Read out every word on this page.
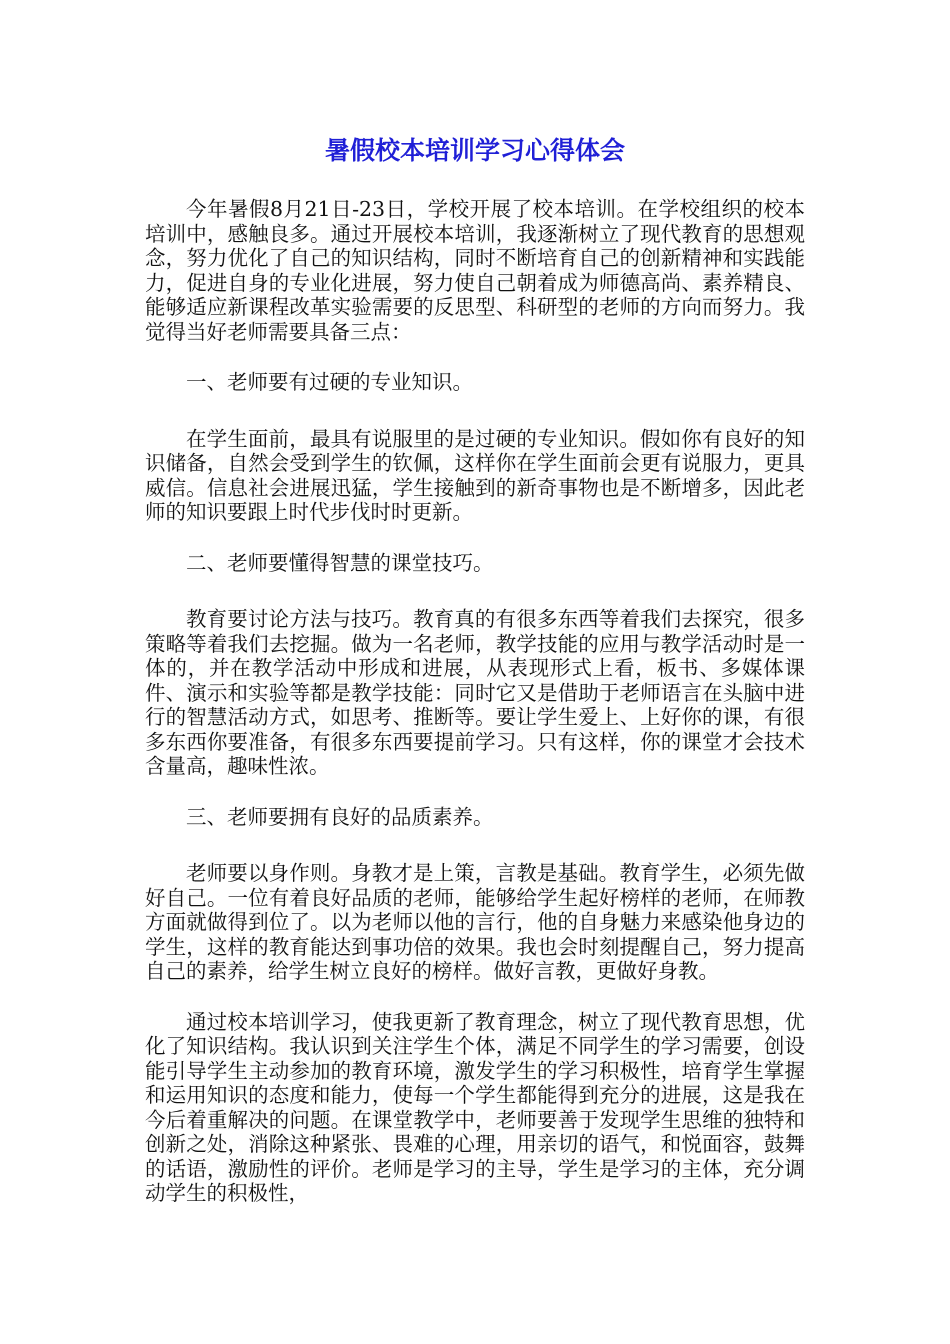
暑假校本培训学习心得体会

今年暑假8月21日-23日，学校开展了校本培训。在学校组织的校本培训中，感触良多。通过开展校本培训，我逐渐树立了现代教育的思想观念，努力优化了自己的知识结构，同时不断培育自己的创新精神和实践能力，促进自身的专业化进展，努力使自己朝着成为师德高尚、素养精良、能够适应新课程改革实验需要的反思型、科研型的老师的方向而努力。我觉得当好老师需要具备三点：

一、老师要有过硬的专业知识。

在学生面前，最具有说服里的是过硬的专业知识。假如你有良好的知识储备，自然会受到学生的钦佩，这样你在学生面前会更有说服力，更具威信。信息社会进展迅猛，学生接触到的新奇事物也是不断增多，因此老师的知识要跟上时代步伐时时更新。

二、老师要懂得智慧的课堂技巧。

教育要讨论方法与技巧。教育真的有很多东西等着我们去探究，很多策略等着我们去挖掘。做为一名老师，教学技能的应用与教学活动时是一体的，并在教学活动中形成和进展，从表现形式上看，板书、多媒体课件、演示和实验等都是教学技能：同时它又是借助于老师语言在头脑中进行的智慧活动方式，如思考、推断等。要让学生爱上、上好你的课，有很多东西你要准备，有很多东西要提前学习。只有这样，你的课堂才会技术含量高，趣味性浓。

三、老师要拥有良好的品质素养。

老师要以身作则。身教才是上策，言教是基础。教育学生，必须先做好自己。一位有着良好品质的老师，能够给学生起好榜样的老师，在师教方面就做得到位了。以为老师以他的言行，他的自身魅力来感染他身边的学生，这样的教育能达到事功倍的效果。我也会时刻提醒自己，努力提高自己的素养，给学生树立良好的榜样。做好言教，更做好身教。

通过校本培训学习，使我更新了教育理念，树立了现代教育思想，优化了知识结构。我认识到关注学生个体，满足不同学生的学习需要，创设能引导学生主动参加的教育环境，激发学生的学习积极性，培育学生掌握和运用知识的态度和能力，使每一个学生都能得到充分的进展，这是我在今后着重解决的问题。在课堂教学中，老师要善于发现学生思维的独特和创新之处，消除这种紧张、畏难的心理，用亲切的语气，和悦面容，鼓舞的话语，激励性的评价。老师是学习的主导，学生是学习的主体，充分调动学生的积极性，
